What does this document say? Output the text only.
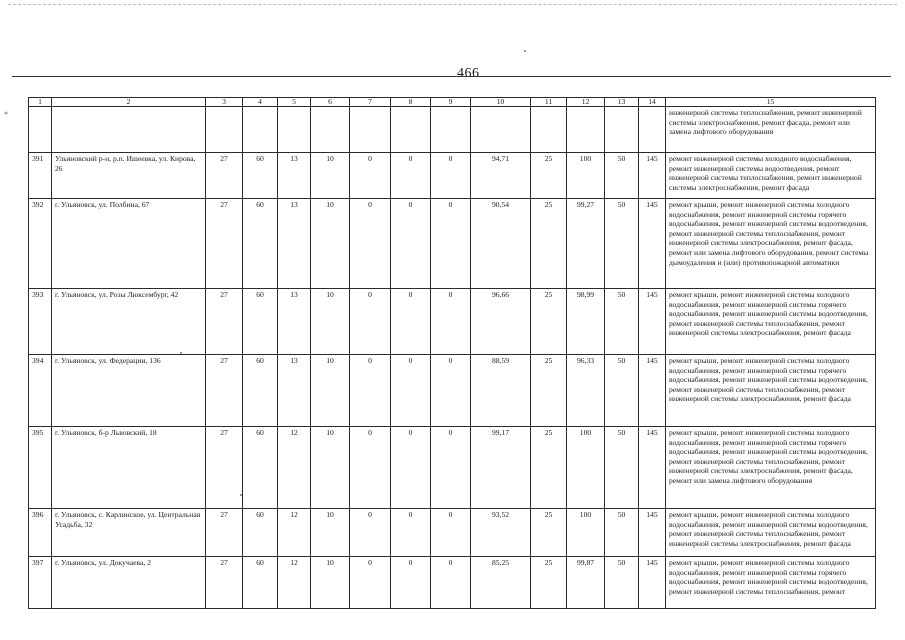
466
*
1	2	3	4	5	6	7	8	9	10	11	12	13	14	15
														инженерной системы теплоснабжения, ремонт инженерной системы электроснабжения, ремонт фасада, ремонт или замена лифтового оборудования
391	Ульяновский р-н, р.п. Ишеевка, ул. Кирова, 26	27	60	13	10	0	0	0	94,71	25	100	50	145	ремонт инженерной системы холодного водоснабжения, ремонт инженерной системы водоотведения, ремонт инженерной системы теплоснабжения, ремонт инженерной системы электроснабжения, ремонт фасада
392	г. Ульяновск, ул. Полбина, 67	27	60	13	10	0	0	0	90,54	25	99,27	50	145	ремонт крыши, ремонт инженерной системы холодного водоснабжения, ремонт инженерной системы горячего водоснабжения, ремонт инженерной системы водоотведения, ремонт инженерной системы теплоснабжения, ремонт инженерной системы электроснабжения, ремонт фасада, ремонт или замена лифтового оборудования, ремонт системы дымоудаления и (или) противопожарной автоматики
393	г. Ульяновск, ул. Розы Люксембург, 42	27	60	13	10	0	0	0	96,66	25	98,99	50	145	ремонт крыши, ремонт инженерной системы холодного водоснабжения, ремонт инженерной системы горячего водоснабжения, ремонт инженерной системы водоотведения, ремонт инженерной системы теплоснабжения, ремонт инженерной системы электроснабжения, ремонт фасада
394	г. Ульяновск, ул. Федерации, 136	27	60	13	10	0	0	0	88,59	25	96,33	50	145	ремонт крыши, ремонт инженерной системы холодного водоснабжения, ремонт инженерной системы горячего водоснабжения, ремонт инженерной системы водоотведения, ремонт инженерной системы теплоснабжения, ремонт инженерной системы электроснабжения, ремонт фасада
395	г. Ульяновск, б-р Львовский, 18	27	60	12	10	0	0	0	99,17	25	100	50	145	ремонт крыши, ремонт инженерной системы холодного водоснабжения, ремонт инженерной системы горячего водоснабжения, ремонт инженерной системы водоотведения, ремонт инженерной системы теплоснабжения, ремонт инженерной системы электроснабжения, ремонт фасада, ремонт или замена лифтового оборудования
396	г. Ульяновск, с. Карлинское, ул. Центральная Усадьба, 32	27	60	12	10	0	0	0	93,52	25	100	50	145	ремонт крыши, ремонт инженерной системы холодного водоснабжения, ремонт инженерной системы водоотведения, ремонт инженерной системы теплоснабжения, ремонт инженерной системы электроснабжения, ремонт фасада
397	г. Ульяновск, ул. Докучаева, 2	27	60	12	10	0	0	0	85,25	25	99,87	50	145	ремонт крыши, ремонт инженерной системы холодного водоснабжения, ремонт инженерной системы горячего водоснабжения, ремонт инженерной системы водоотведения, ремонт инженерной системы теплоснабжения, ремонт
